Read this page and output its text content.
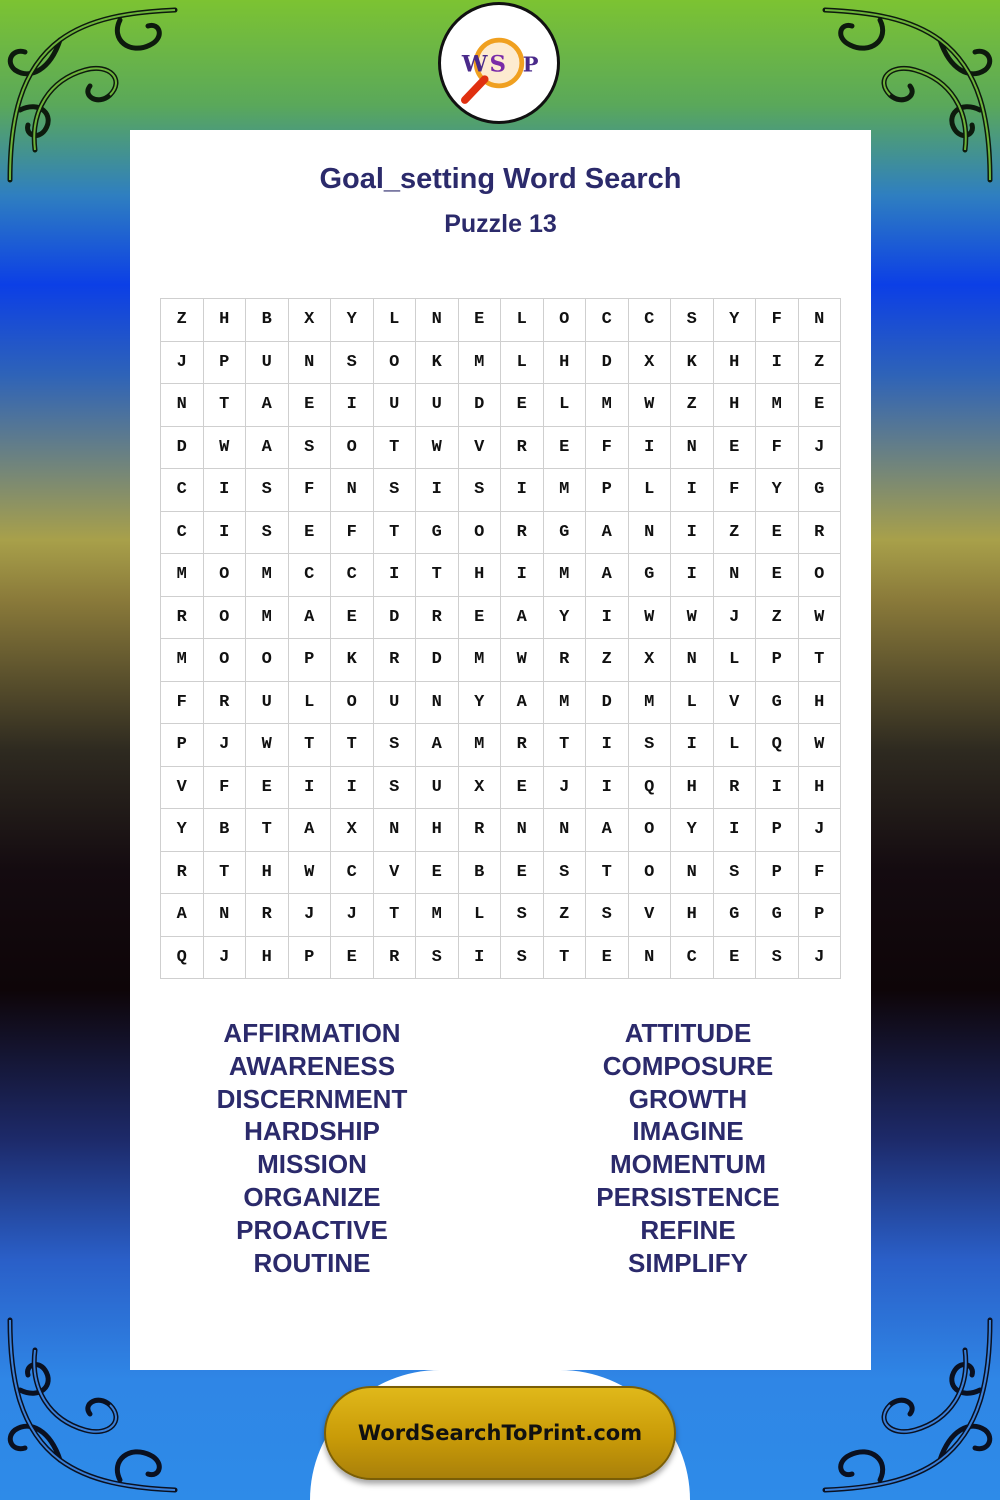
W S P
Goal_setting Word Search
Puzzle 13
Z	H	B	X	Y	L	N	E	L	O	C	C	S	Y	F	N
J	P	U	N	S	O	K	M	L	H	D	X	K	H	I	Z
N	T	A	E	I	U	U	D	E	L	M	W	Z	H	M	E
D	W	A	S	O	T	W	V	R	E	F	I	N	E	F	J
C	I	S	F	N	S	I	S	I	M	P	L	I	F	Y	G
C	I	S	E	F	T	G	O	R	G	A	N	I	Z	E	R
M	O	M	C	C	I	T	H	I	M	A	G	I	N	E	O
R	O	M	A	E	D	R	E	A	Y	I	W	W	J	Z	W
M	O	O	P	K	R	D	M	W	R	Z	X	N	L	P	T
F	R	U	L	O	U	N	Y	A	M	D	M	L	V	G	H
P	J	W	T	T	S	A	M	R	T	I	S	I	L	Q	W
V	F	E	I	I	S	U	X	E	J	I	Q	H	R	I	H
Y	B	T	A	X	N	H	R	N	N	A	O	Y	I	P	J
R	T	H	W	C	V	E	B	E	S	T	O	N	S	P	F
A	N	R	J	J	T	M	L	S	Z	S	V	H	G	G	P
Q	J	H	P	E	R	S	I	S	T	E	N	C	E	S	J
AFFIRMATION
AWARENESS
DISCERNMENT
HARDSHIP
MISSION
ORGANIZE
PROACTIVE
ROUTINE
ATTITUDE
COMPOSURE
GROWTH
IMAGINE
MOMENTUM
PERSISTENCE
REFINE
SIMPLIFY
WordSearchToPrint.com
